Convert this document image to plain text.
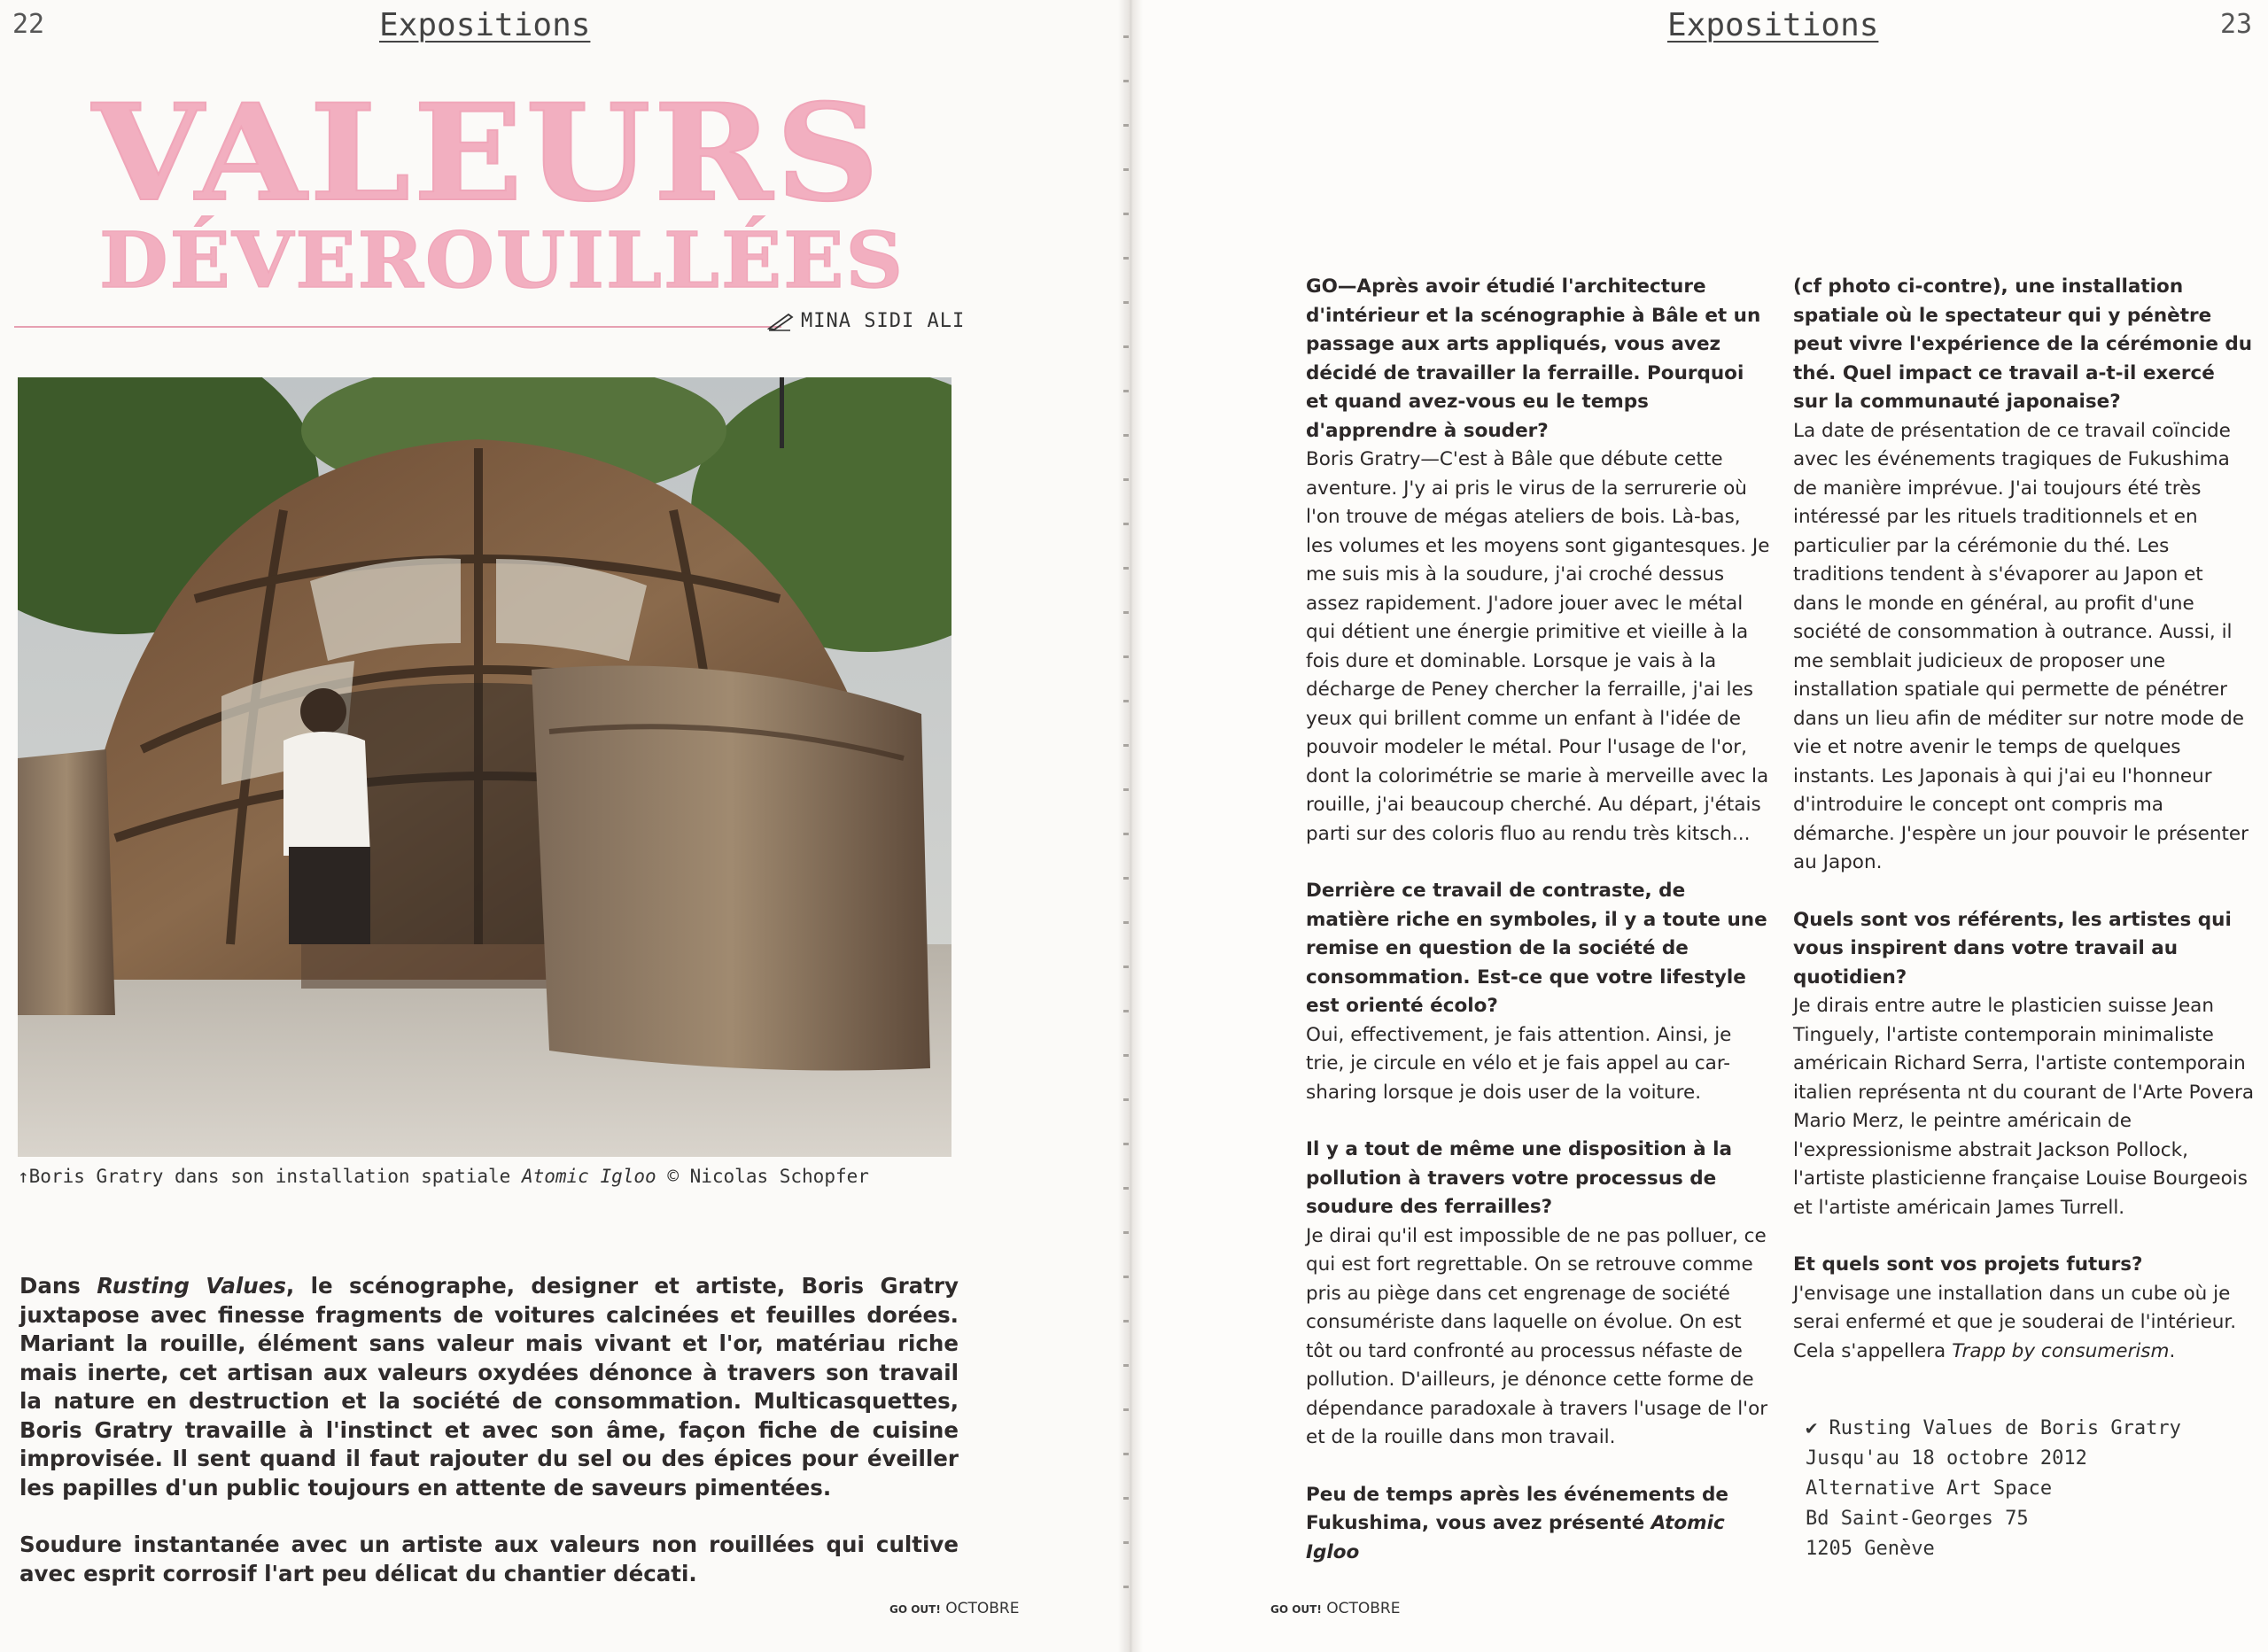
22	Expositions
VALEURS
DÉVEROUILLÉES
MINA SIDI ALI
↑Boris Gratry dans son installation spatiale Atomic Igloo © Nicolas Schopfer

Dans Rusting Values, le scénographe, designer et artiste, Boris Gratry juxtapose avec finesse fragments de voitures calcinées et feuilles dorées. Mariant la rouille, élément sans valeur mais vivant et l'or, matériau riche mais inerte, cet artisan aux valeurs oxydées dénonce à travers son travail la nature en destruction et la société de consommation. Multicasquettes, Boris Gratry travaille à l'instinct et avec son âme, façon fiche de cuisine improvisée. Il sent quand il faut rajouter du sel ou des épices pour éveiller les papilles d'un public toujours en attente de saveurs pimentées.

Soudure instantanée avec un artiste aux valeurs non rouillées qui cultive avec esprit corrosif l'art peu délicat du chantier décati.

GO OUT! OCTOBRE
Expositions	23

GO—Après avoir étudié l'architecture d'intérieur et la scénographie à Bâle et un passage aux arts appliqués, vous avez décidé de travailler la ferraille. Pourquoi et quand avez-vous eu le temps d'apprendre à souder?

Boris Gratry—C'est à Bâle que débute cette aventure. J'y ai pris le virus de la serrurerie où l'on trouve de mégas ateliers de bois. Là-bas, les volumes et les moyens sont gigantesques. Je me suis mis à la soudure, j'ai croché dessus assez rapidement. J'adore jouer avec le métal qui détient une énergie primitive et vieille à la fois dure et dominable. Lorsque je vais à la décharge de Peney chercher la ferraille, j'ai les yeux qui brillent comme un enfant à l'idée de pouvoir modeler le métal. Pour l'usage de l'or, dont la colorimétrie se marie à merveille avec la rouille, j'ai beaucoup cherché. Au départ, j'étais parti sur des coloris fluo au rendu très kitsch...

Derrière ce travail de contraste, de matière riche en symboles, il y a toute une remise en question de la société de consommation. Est-ce que votre lifestyle est orienté écolo?

Oui, effectivement, je fais attention. Ainsi, je trie, je circule en vélo et je fais appel au car-sharing lorsque je dois user de la voiture.

Il y a tout de même une disposition à la pollution à travers votre processus de soudure des ferrailles?

Je dirai qu'il est impossible de ne pas polluer, ce qui est fort regrettable. On se retrouve comme pris au piège dans cet engrenage de société consumériste dans laquelle on évolue. On est tôt ou tard confronté au processus néfaste de pollution. D'ailleurs, je dénonce cette forme de dépendance paradoxale à travers l'usage de l'or et de la rouille dans mon travail.

Peu de temps après les événements de Fukushima, vous avez présenté Atomic Igloo

(cf photo ci-contre), une installation spatiale où le spectateur qui y pénètre peut vivre l'expérience de la cérémonie du thé. Quel impact ce travail a-t-il exercé sur la communauté japonaise?

La date de présentation de ce travail coïncide avec les événements tragiques de Fukushima de manière imprévue. J'ai toujours été très intéressé par les rituels traditionnels et en particulier par la cérémonie du thé. Les traditions tendent à s'évaporer au Japon et dans le monde en général, au profit d'une société de consommation à outrance. Aussi, il me semblait judicieux de proposer une installation spatiale qui permette de pénétrer dans un lieu afin de méditer sur notre mode de vie et notre avenir le temps de quelques instants. Les Japonais à qui j'ai eu l'honneur d'introduire le concept ont compris ma démarche. J'espère un jour pouvoir le présenter au Japon.

Quels sont vos référents, les artistes qui vous inspirent dans votre travail au quotidien?

Je dirais entre autre le plasticien suisse Jean Tinguely, l'artiste contemporain minimaliste américain Richard Serra, l'artiste contemporain italien représenta nt du courant de l'Arte Povera Mario Merz, le peintre américain de l'expressionisme abstrait Jackson Pollock, l'artiste plasticienne française Louise Bourgeois et l'artiste américain James Turrell.

Et quels sont vos projets futurs?

J'envisage une installation dans un cube où je serai enfermé et que je souderai de l'intérieur. Cela s'appellera Trapp by consumerism.

GO OUT! OCTOBRE
✔ Rusting Values de Boris Gratry
Jusqu'au 18 octobre 2012
Alternative Art Space
Bd Saint-Georges 75
1205 Genève
